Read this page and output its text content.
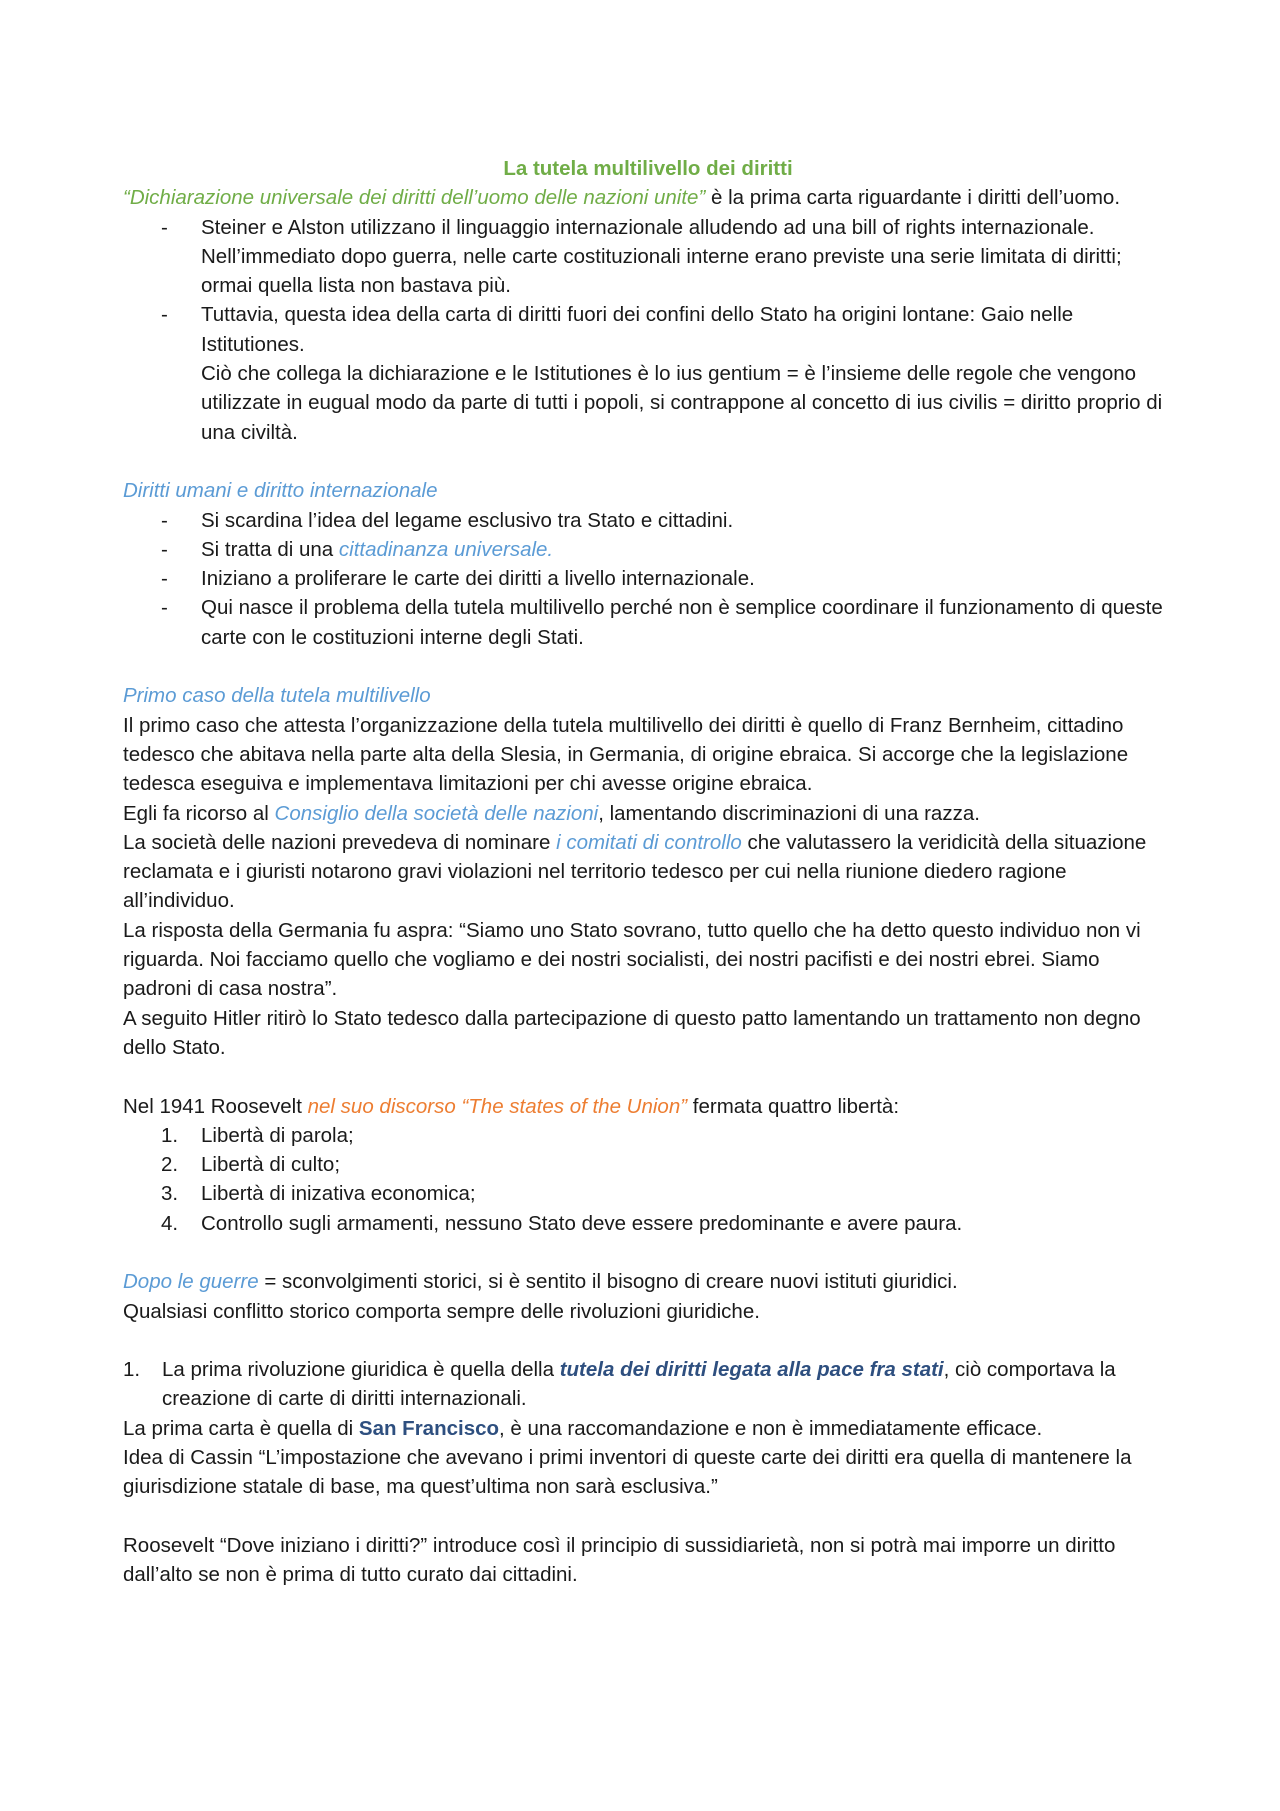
La tutela multilivello dei diritti

“Dichiarazione universale dei diritti dell’uomo delle nazioni unite” è la prima carta riguardante i diritti dell’uomo.

- Steiner e Alston utilizzano il linguaggio internazionale alludendo ad una bill of rights internazionale. Nell’immediato dopo guerra, nelle carte costituzionali interne erano previste una serie limitata di diritti; ormai quella lista non bastava più.
- Tuttavia, questa idea della carta di diritti fuori dei confini dello Stato ha origini lontane: Gaio nelle Istitutiones.
Ciò che collega la dichiarazione e le Istitutiones è lo ius gentium = è l’insieme delle regole che vengono utilizzate in eugual modo da parte di tutti i popoli, si contrappone al concetto di ius civilis = diritto proprio di una civiltà.

Diritti umani e diritto internazionale

- Si scardina l’idea del legame esclusivo tra Stato e cittadini.
- Si tratta di una cittadinanza universale.
- Iniziano a proliferare le carte dei diritti a livello internazionale.
- Qui nasce il problema della tutela multilivello perché non è semplice coordinare il funzionamento di queste carte con le costituzioni interne degli Stati.

Primo caso della tutela multilivello

Il primo caso che attesta l’organizzazione della tutela multilivello dei diritti è quello di Franz Bernheim, cittadino tedesco che abitava nella parte alta della Slesia, in Germania, di origine ebraica. Si accorge che la legislazione tedesca eseguiva e implementava limitazioni per chi avesse origine ebraica.

Egli fa ricorso al Consiglio della società delle nazioni, lamentando discriminazioni di una razza.

La società delle nazioni prevedeva di nominare i comitati di controllo che valutassero la veridicità della situazione reclamata e i giuristi notarono gravi violazioni nel territorio tedesco per cui nella riunione diedero ragione all’individuo.

La risposta della Germania fu aspra: “Siamo uno Stato sovrano, tutto quello che ha detto questo individuo non vi riguarda. Noi facciamo quello che vogliamo e dei nostri socialisti, dei nostri pacifisti e dei nostri ebrei. Siamo padroni di casa nostra”.

A seguito Hitler ritirò lo Stato tedesco dalla partecipazione di questo patto lamentando un trattamento non degno dello Stato.

Nel 1941 Roosevelt nel suo discorso “The states of the Union” fermata quattro libertà:

1. Libertà di parola;
2. Libertà di culto;
3. Libertà di inizativa economica;
4. Controllo sugli armamenti, nessuno Stato deve essere predominante e avere paura.

Dopo le guerre = sconvolgimenti storici, si è sentito il bisogno di creare nuovi istituti giuridici.

Qualsiasi conflitto storico comporta sempre delle rivoluzioni giuridiche.

1. La prima rivoluzione giuridica è quella della tutela dei diritti legata alla pace fra stati, ciò comportava la creazione di carte di diritti internazionali.

La prima carta è quella di San Francisco, è una raccomandazione e non è immediatamente efficace.

Idea di Cassin “L’impostazione che avevano i primi inventori di queste carte dei diritti era quella di mantenere la giurisdizione statale di base, ma quest’ultima non sarà esclusiva.”

Roosevelt “Dove iniziano i diritti?” introduce così il principio di sussidiarietà, non si potrà mai imporre un diritto dall’alto se non è prima di tutto curato dai cittadini.
